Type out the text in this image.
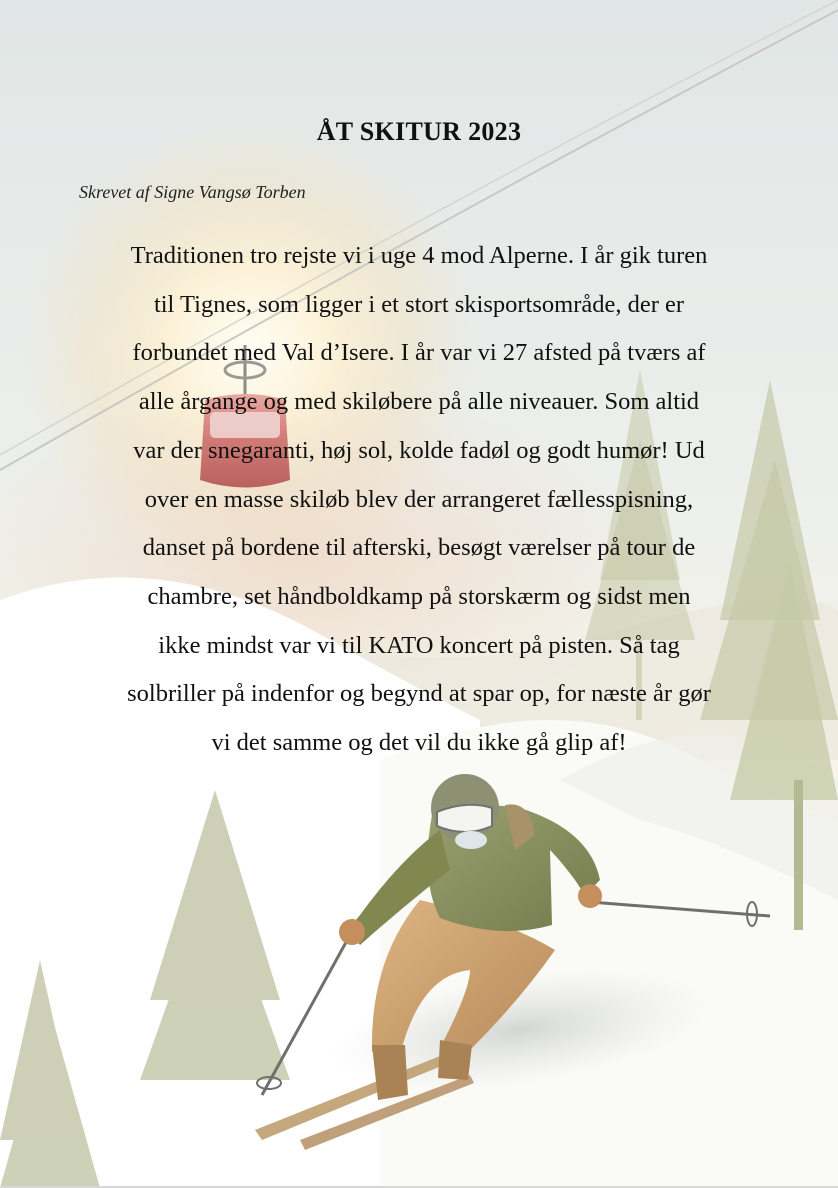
ÅT SKITUR 2023
Skrevet af Signe Vangsø Torben
Traditionen tro rejste vi i uge 4 mod Alperne. I år gik turen
til Tignes, som ligger i et stort skisportsområde, der er
forbundet med Val d’Isere. I år var vi 27 afsted på tværs af
alle årgange og med skiløbere på alle niveauer. Som altid
var der snegaranti, høj sol, kolde fadøl og godt humør! Ud
over en masse skiløb blev der arrangeret fællesspisning,
danset på bordene til afterski, besøgt værelser på tour de
chambre, set håndboldkamp på storskærm og sidst men
ikke mindst var vi til KATO koncert på pisten. Så tag
solbriller på indenfor og begynd at spar op, for næste år gør
vi det samme og det vil du ikke gå glip af!
